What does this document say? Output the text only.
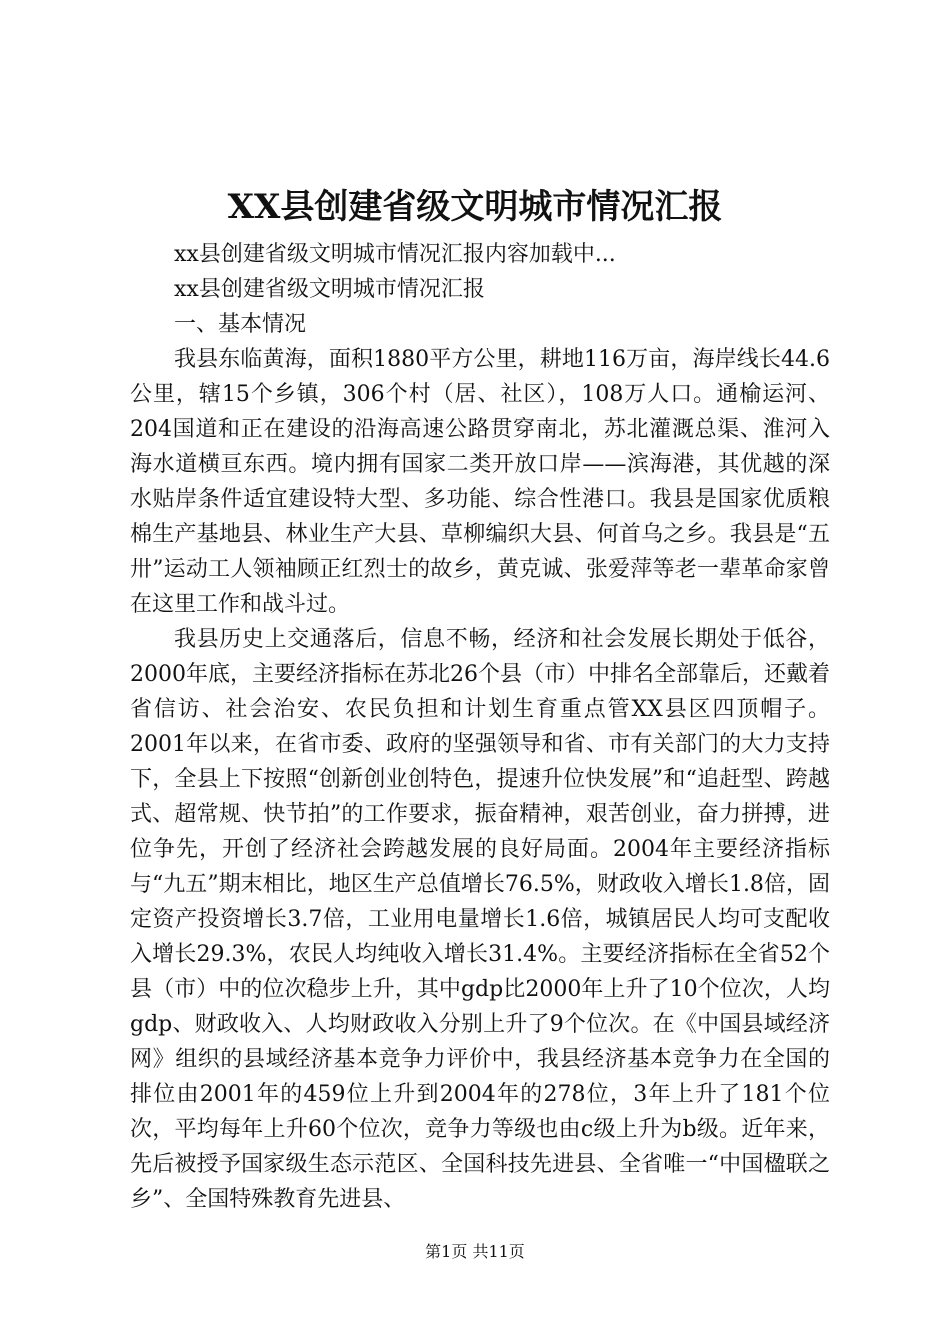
XX县创建省级文明城市情况汇报

xx县创建省级文明城市情况汇报内容加载中...

xx县创建省级文明城市情况汇报

一、基本情况

我县东临黄海，面积1880平方公里，耕地116万亩，海岸线长44.6公里，辖15个乡镇，306个村（居、社区），108万人口。通榆运河、204国道和正在建设的沿海高速公路贯穿南北，苏北灌溉总渠、淮河入海水道横亘东西。境内拥有国家二类开放口岸——滨海港，其优越的深水贴岸条件适宜建设特大型、多功能、综合性港口。我县是国家优质粮棉生产基地县、林业生产大县、草柳编织大县、何首乌之乡。我县是“五卅”运动工人领袖顾正红烈士的故乡，黄克诚、张爱萍等老一辈革命家曾在这里工作和战斗过。

我县历史上交通落后，信息不畅，经济和社会发展长期处于低谷，2000年底，主要经济指标在苏北26个县（市）中排名全部靠后，还戴着省信访、社会治安、农民负担和计划生育重点管XX县区四顶帽子。2001年以来，在省市委、政府的坚强领导和省、市有关部门的大力支持下，全县上下按照“创新创业创特色，提速升位快发展”和“追赶型、跨越式、超常规、快节拍”的工作要求，振奋精神，艰苦创业，奋力拼搏，进位争先，开创了经济社会跨越发展的良好局面。2004年主要经济指标与“九五”期末相比，地区生产总值增长76.5%，财政收入增长1.8倍，固定资产投资增长3.7倍，工业用电量增长1.6倍，城镇居民人均可支配收入增长29.3%，农民人均纯收入增长31.4%。主要经济指标在全省52个县（市）中的位次稳步上升，其中gdp比2000年上升了10个位次，人均gdp、财政收入、人均财政收入分别上升了9个位次。在《中国县域经济网》组织的县域经济基本竞争力评价中，我县经济基本竞争力在全国的排位由2001年的459位上升到2004年的278位，3年上升了181个位次，平均每年上升60个位次，竞争力等级也由c级上升为b级。近年来，先后被授予国家级生态示范区、全国科技先进县、全省唯一“中国楹联之乡”、全国特殊教育先进县、

第1页 共11页
